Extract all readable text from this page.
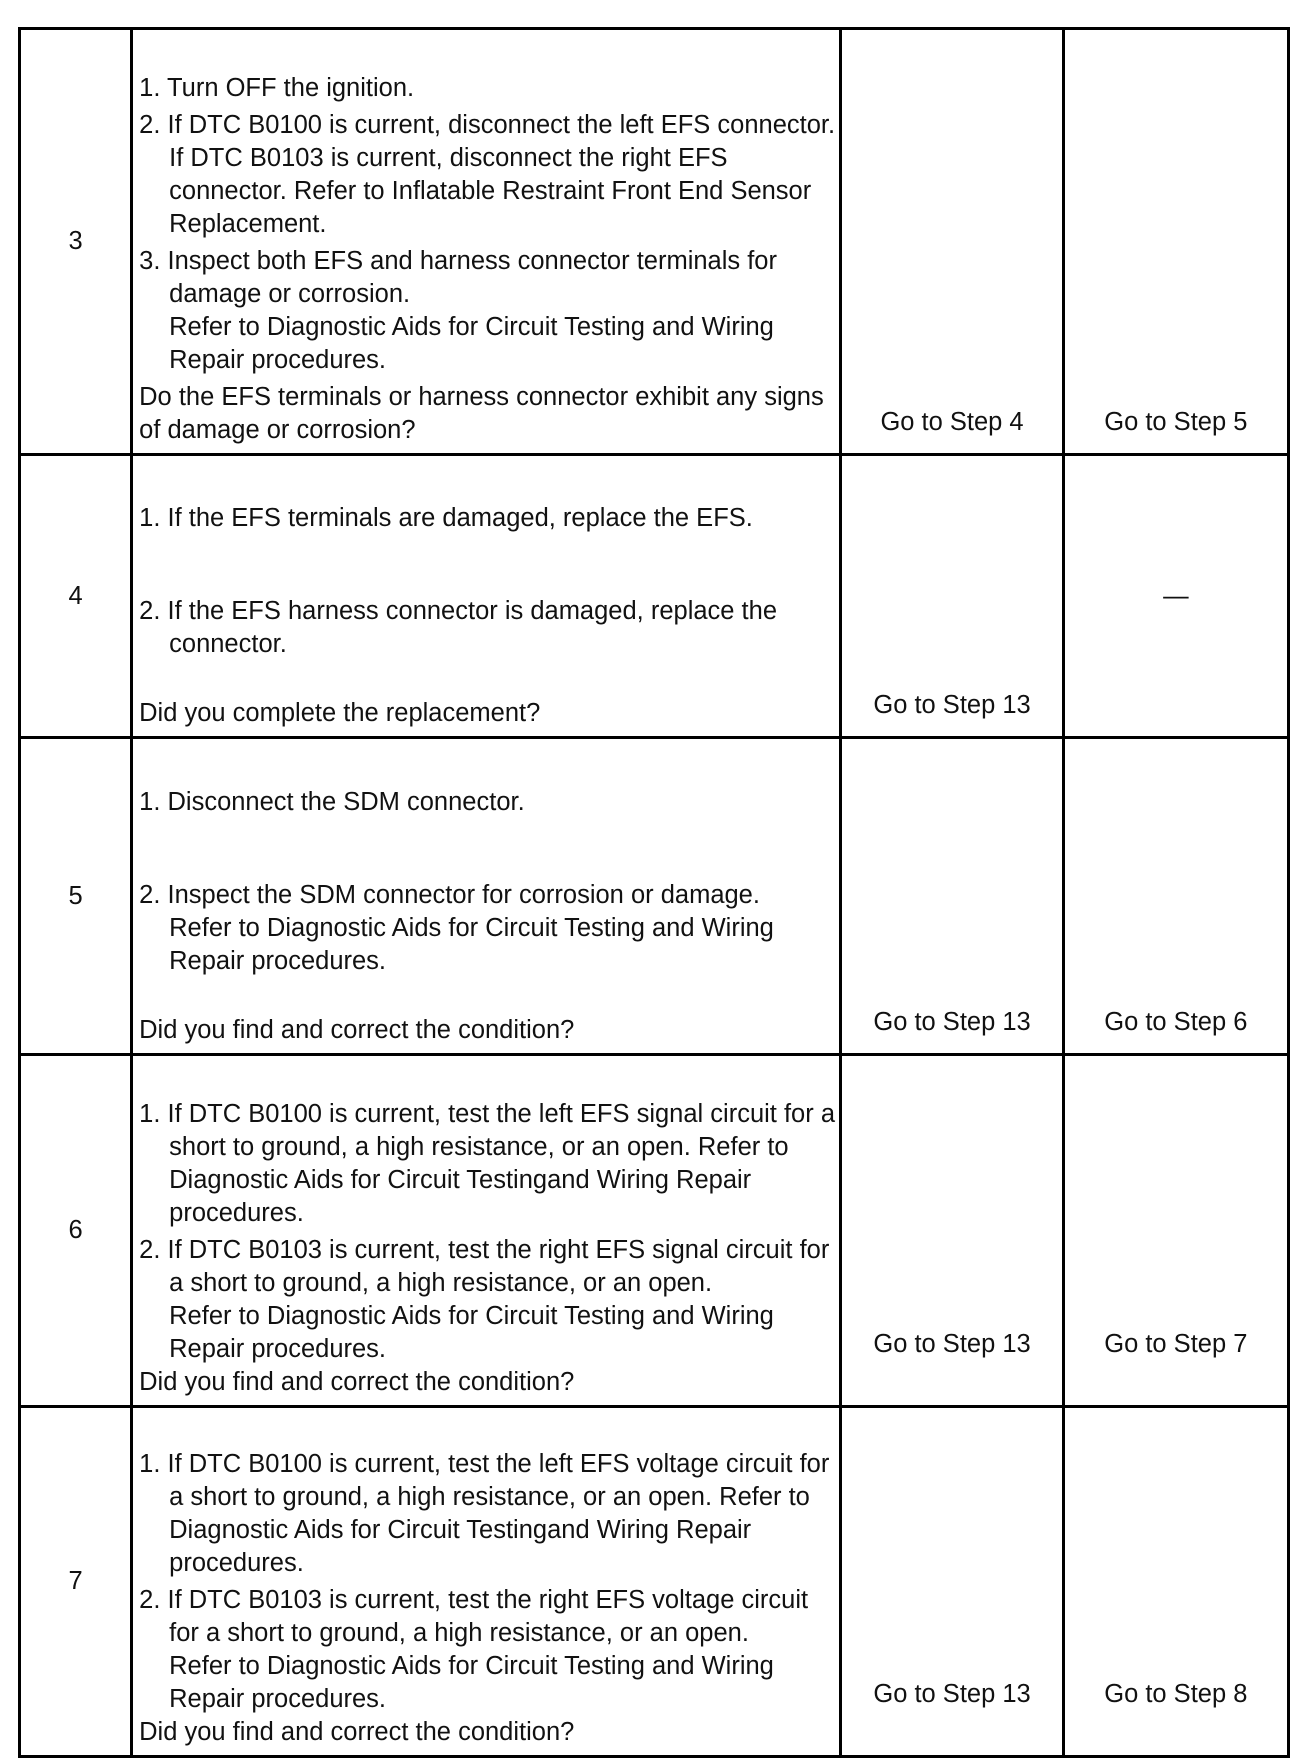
3	1. Turn OFF the ignition.
2. If DTC B0100 is current, disconnect the left EFS connector. If DTC B0103 is current, disconnect the right EFS connector. Refer to Inflatable Restraint Front End Sensor Replacement.
3. Inspect both EFS and harness connector terminals for damage or corrosion.
Refer to Diagnostic Aids for Circuit Testing and Wiring Repair procedures.
Do the EFS terminals or harness connector exhibit any signs of damage or corrosion?	Go to Step 4	Go to Step 5
4	1. If the EFS terminals are damaged, replace the EFS.
2. If the EFS harness connector is damaged, replace the connector.
Did you complete the replacement?	Go to Step 13	—
5	1. Disconnect the SDM connector.
2. Inspect the SDM connector for corrosion or damage.
Refer to Diagnostic Aids for Circuit Testing and Wiring Repair procedures.
Did you find and correct the condition?	Go to Step 13	Go to Step 6
6	1. If DTC B0100 is current, test the left EFS signal circuit for a short to ground, a high resistance, or an open. Refer to Diagnostic Aids for Circuit Testingand Wiring Repair procedures.
2. If DTC B0103 is current, test the right EFS signal circuit for a short to ground, a high resistance, or an open.
Refer to Diagnostic Aids for Circuit Testing and Wiring Repair procedures.
Did you find and correct the condition?	Go to Step 13	Go to Step 7
7	1. If DTC B0100 is current, test the left EFS voltage circuit for a short to ground, a high resistance, or an open. Refer to Diagnostic Aids for Circuit Testingand Wiring Repair procedures.
2. If DTC B0103 is current, test the right EFS voltage circuit for a short to ground, a high resistance, or an open.
Refer to Diagnostic Aids for Circuit Testing and Wiring Repair procedures.
Did you find and correct the condition?	Go to Step 13	Go to Step 8
